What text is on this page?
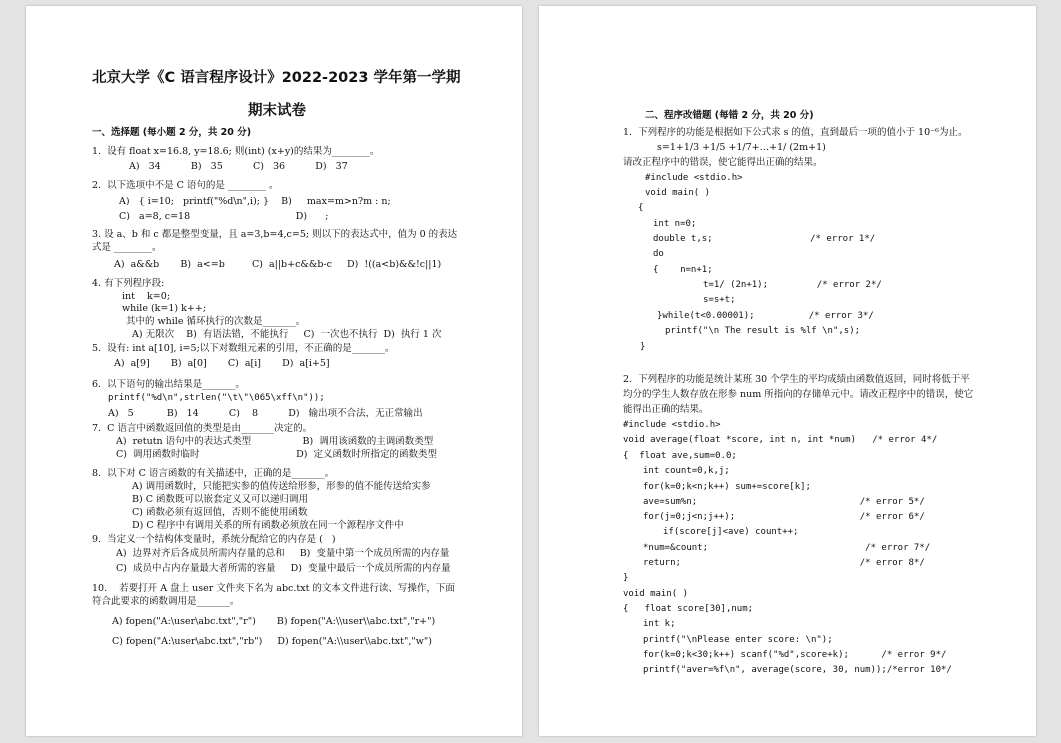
北京大学《C 语言程序设计》2022-2023 学年第一学期
期末试卷
一、选择题 (每小题 2 分，共 20 分)
1.  设有 float x=16.8, y=18.6; 则(int) (x+y)的结果为________。
A)   34          B)   35          C)   36          D)   37
2.  以下选项中不是 C 语句的是 ________ 。
A)   { i=10;   printf("%d\n",i); }    B)     max=m>n?m : n;
C)   a=8, c=18                                   D)      ;
3. 设 a、b 和 c 都是整型变量，且 a=3,b=4,c=5; 则以下的表达式中，值为 0 的表达
式是 ________。
A)  a&&b       B)  a<=b         C)  a||b+c&&b-c     D)  !((a<b)&&!c||1)
4. 有下列程序段:
int    k=0;
while (k=1) k++;
其中的 while 循环执行的次数是_______。
A) 无限次    B)  有语法错，不能执行     C)  一次也不执行  D)  执行 1 次
5.  设有: int a[10], i=5;以下对数组元素的引用，不正确的是_______。
A)  a[9]       B)  a[0]       C)  a[i]       D)  a[i+5]
6.  以下语句的输出结果是_______。
printf("%d\n",strlen("\t\"\065\xff\n"));
A)   5           B)   14          C)    8          D)   输出项不合法，无正常输出
7.  C 语言中函数返回值的类型是由_______决定的。
A)  retutn 语句中的表达式类型                 B)  调用该函数的主调函数类型
C)  调用函数时临时                                D)  定义函数时所指定的函数类型
8.  以下对 C 语言函数的有关描述中，正确的是_______。
A) 调用函数时，只能把实参的值传送给形参，形参的值不能传送给实参
B) C 函数既可以嵌套定义又可以递归调用
C) 函数必须有返回值，否则不能使用函数
D) C 程序中有调用关系的所有函数必须放在同一个源程序文件中
9.  当定义一个结构体变量时，系统分配给它的内存是 (   )
A)  边界对齐后各成员所需内存量的总和     B)  变量中第一个成员所需的内存量
C)  成员中占内存量最大者所需的容量     D)  变量中最后一个成员所需的内存量
10.    若要打开 A 盘上 user 文件夹下名为 abc.txt 的文本文件进行读、写操作，下面
符合此要求的函数调用是_______。
A) fopen("A:\user\abc.txt","r")       B) fopen("A:\\user\\abc.txt","r+")
C) fopen("A:\user\abc.txt","rb")     D) fopen("A:\\user\\abc.txt","w")
二、程序改错题 (每错 2 分，共 20 分)
1.  下列程序的功能是根据如下公式求 s 的值，直到最后一项的值小于 10⁻⁶为止。
s=1+1/3 +1/5 +1/7+…+1/ (2m+1)
请改正程序中的错误，使它能得出正确的结果。
#include <stdio.h>
void main( )
{
int n=0;
double t,s;                  /* error 1*/
do
{    n=n+1;
t=1/ (2n+1);         /* error 2*/
s=s+t;
}while(t<0.00001);          /* error 3*/
printf("\n The result is %lf \n",s);
}
2.  下列程序的功能是统计某班 30 个学生的平均成绩由函数值返回，同时将低于平
均分的学生人数存放在形参 num 所指向的存储单元中。请改正程序中的错误，使它
能得出正确的结果。
#include <stdio.h>
void average(float *score, int n, int *num)   /* error 4*/
{  float ave,sum=0.0;
int count=0,k,j;
for(k=0;k<n;k++) sum+=score[k];
ave=sum%n;                              /* error 5*/
for(j=0;j<n;j++);                       /* error 6*/
if(score[j]<ave) count++;
*num=&count;                             /* error 7*/
return;                                 /* error 8*/
}
void main( )
{   float score[30],num;
int k;
printf("\nPlease enter score: \n");
for(k=0;k<30;k++) scanf("%d",score+k);      /* error 9*/
printf("aver=%f\n", average(score, 30, num));/*error 10*/
